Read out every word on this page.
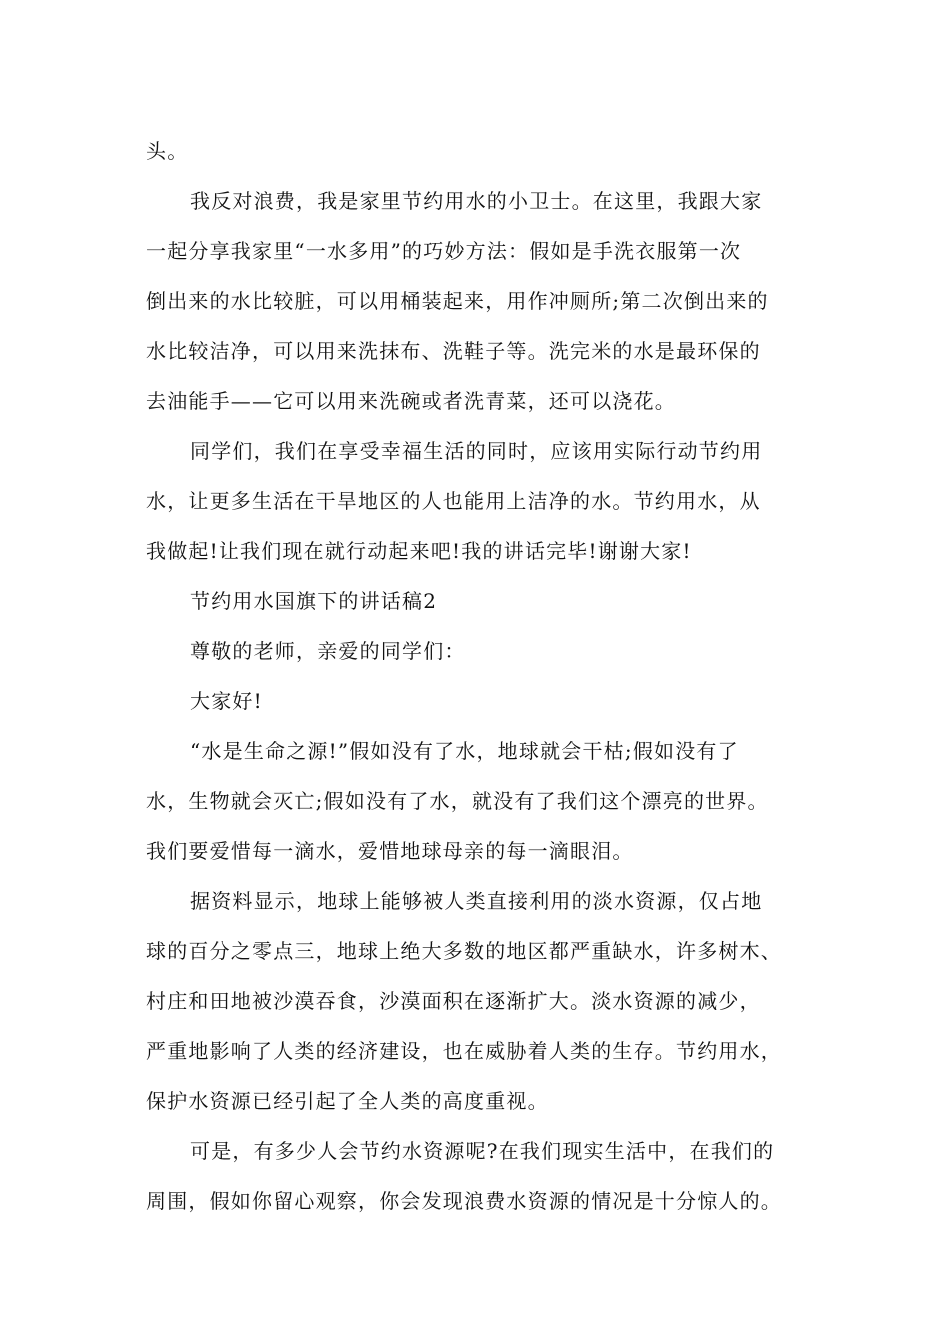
头。
我反对浪费，我是家里节约用水的小卫士。在这里，我跟大家
一起分享我家里“一水多用”的巧妙方法：假如是手洗衣服第一次
倒出来的水比较脏，可以用桶装起来，用作冲厕所;第二次倒出来的
水比较洁净，可以用来洗抹布、洗鞋子等。洗完米的水是最环保的
去油能手——它可以用来洗碗或者洗青菜，还可以浇花。
同学们，我们在享受幸福生活的同时，应该用实际行动节约用
水，让更多生活在干旱地区的人也能用上洁净的水。节约用水，从
我做起!让我们现在就行动起来吧!我的讲话完毕!谢谢大家!
节约用水国旗下的讲话稿2
尊敬的老师，亲爱的同学们：
大家好!
“水是生命之源!”假如没有了水，地球就会干枯;假如没有了
水，生物就会灭亡;假如没有了水，就没有了我们这个漂亮的世界。
我们要爱惜每一滴水，爱惜地球母亲的每一滴眼泪。
据资料显示，地球上能够被人类直接利用的淡水资源，仅占地
球的百分之零点三，地球上绝大多数的地区都严重缺水，许多树木、
村庄和田地被沙漠吞食，沙漠面积在逐渐扩大。淡水资源的减少，
严重地影响了人类的经济建设，也在威胁着人类的生存。节约用水，
保护水资源已经引起了全人类的高度重视。
可是，有多少人会节约水资源呢?在我们现实生活中，在我们的
周围，假如你留心观察，你会发现浪费水资源的情况是十分惊人的。
